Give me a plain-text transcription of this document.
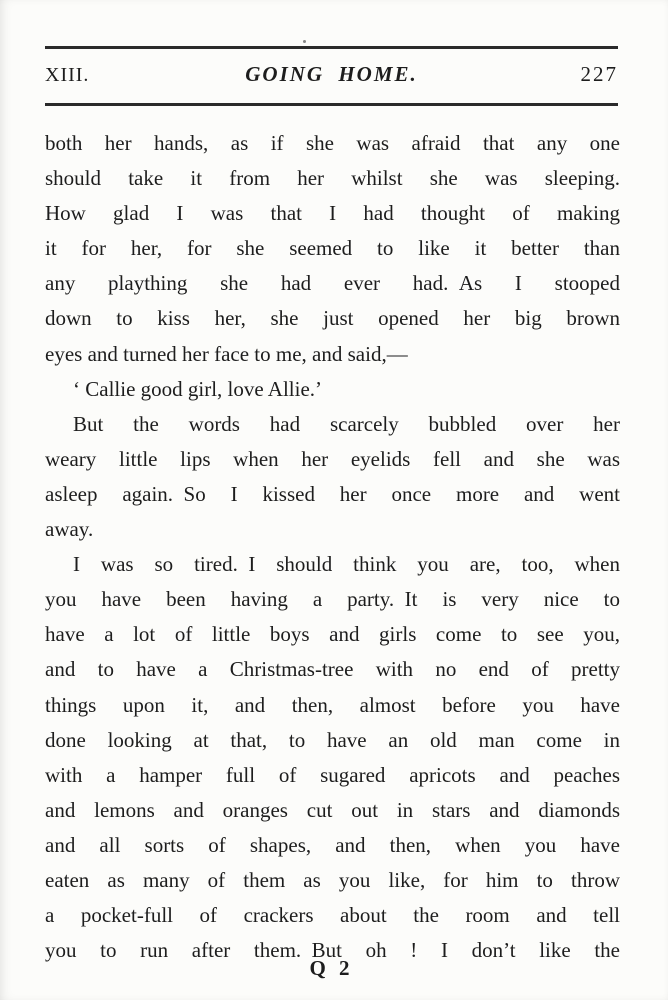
XIII.	GOING HOME.	227
both her hands, as if she was afraid that any one
should take it from her whilst she was sleeping.
How glad I was that I had thought of making
it for her, for she seemed to like it better than
any plaything she had ever had. As I stooped
down to kiss her, she just opened her big brown
eyes and turned her face to me, and said,—
‘ Callie good girl, love Allie.’
But the words had scarcely bubbled over her
weary little lips when her eyelids fell and she was
asleep again. So I kissed her once more and went
away.
I was so tired. I should think you are, too, when
you have been having a party. It is very nice to
have a lot of little boys and girls come to see you,
and to have a Christmas-tree with no end of pretty
things upon it, and then, almost before you have
done looking at that, to have an old man come in
with a hamper full of sugared apricots and peaches
and lemons and oranges cut out in stars and diamonds
and all sorts of shapes, and then, when you have
eaten as many of them as you like, for him to throw
a pocket-full of crackers about the room and tell
you to run after them. But oh ! I don’t like the
Q 2
